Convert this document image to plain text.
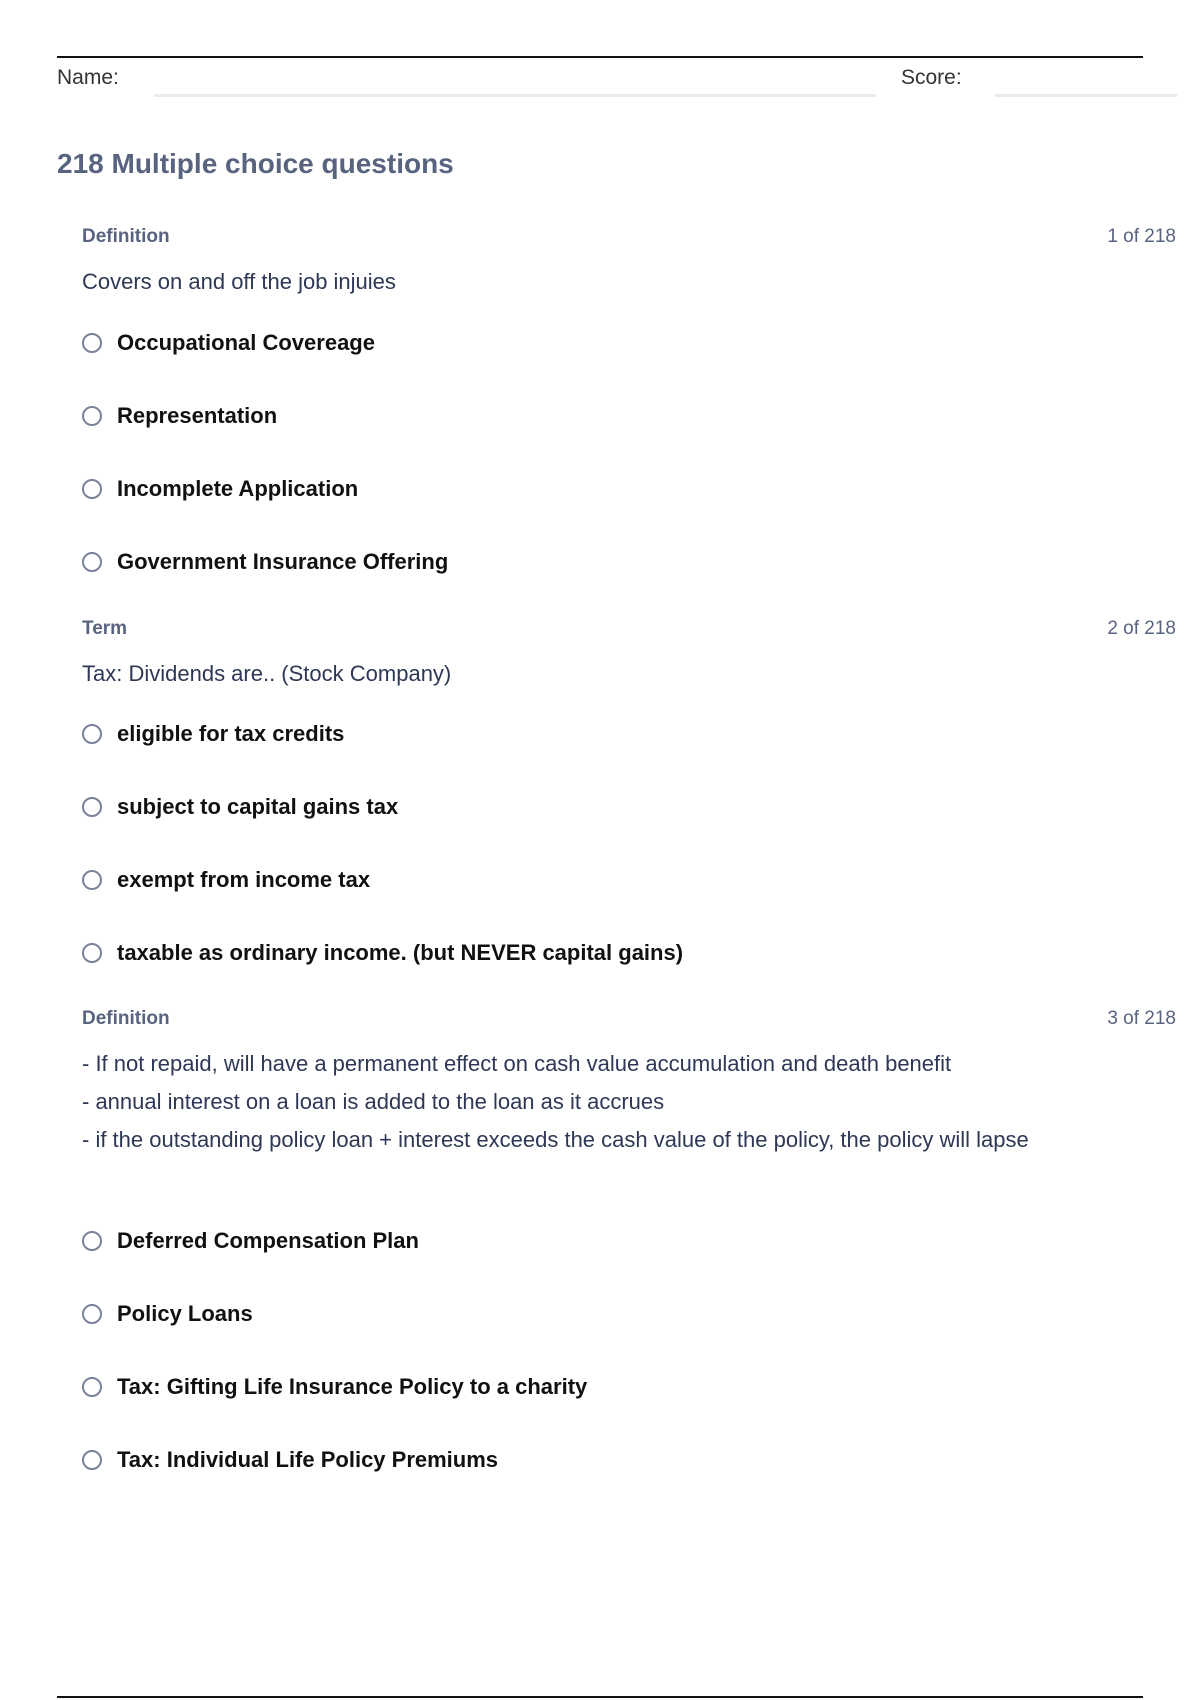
Name:	Score:
218 Multiple choice questions
Definition	1 of 218
Covers on and off the job injuies
Occupational Covereage
Representation
Incomplete Application
Government Insurance Offering
Term	2 of 218
Tax: Dividends are.. (Stock Company)
eligible for tax credits
subject to capital gains tax
exempt from income tax
taxable as ordinary income. (but NEVER capital gains)
Definition	3 of 218
- If not repaid, will have a permanent effect on cash value accumulation and death benefit
- annual interest on a loan is added to the loan as it accrues
- if the outstanding policy loan + interest exceeds the cash value of the policy, the policy will lapse
Deferred Compensation Plan
Policy Loans
Tax: Gifting Life Insurance Policy to a charity
Tax: Individual Life Policy Premiums
